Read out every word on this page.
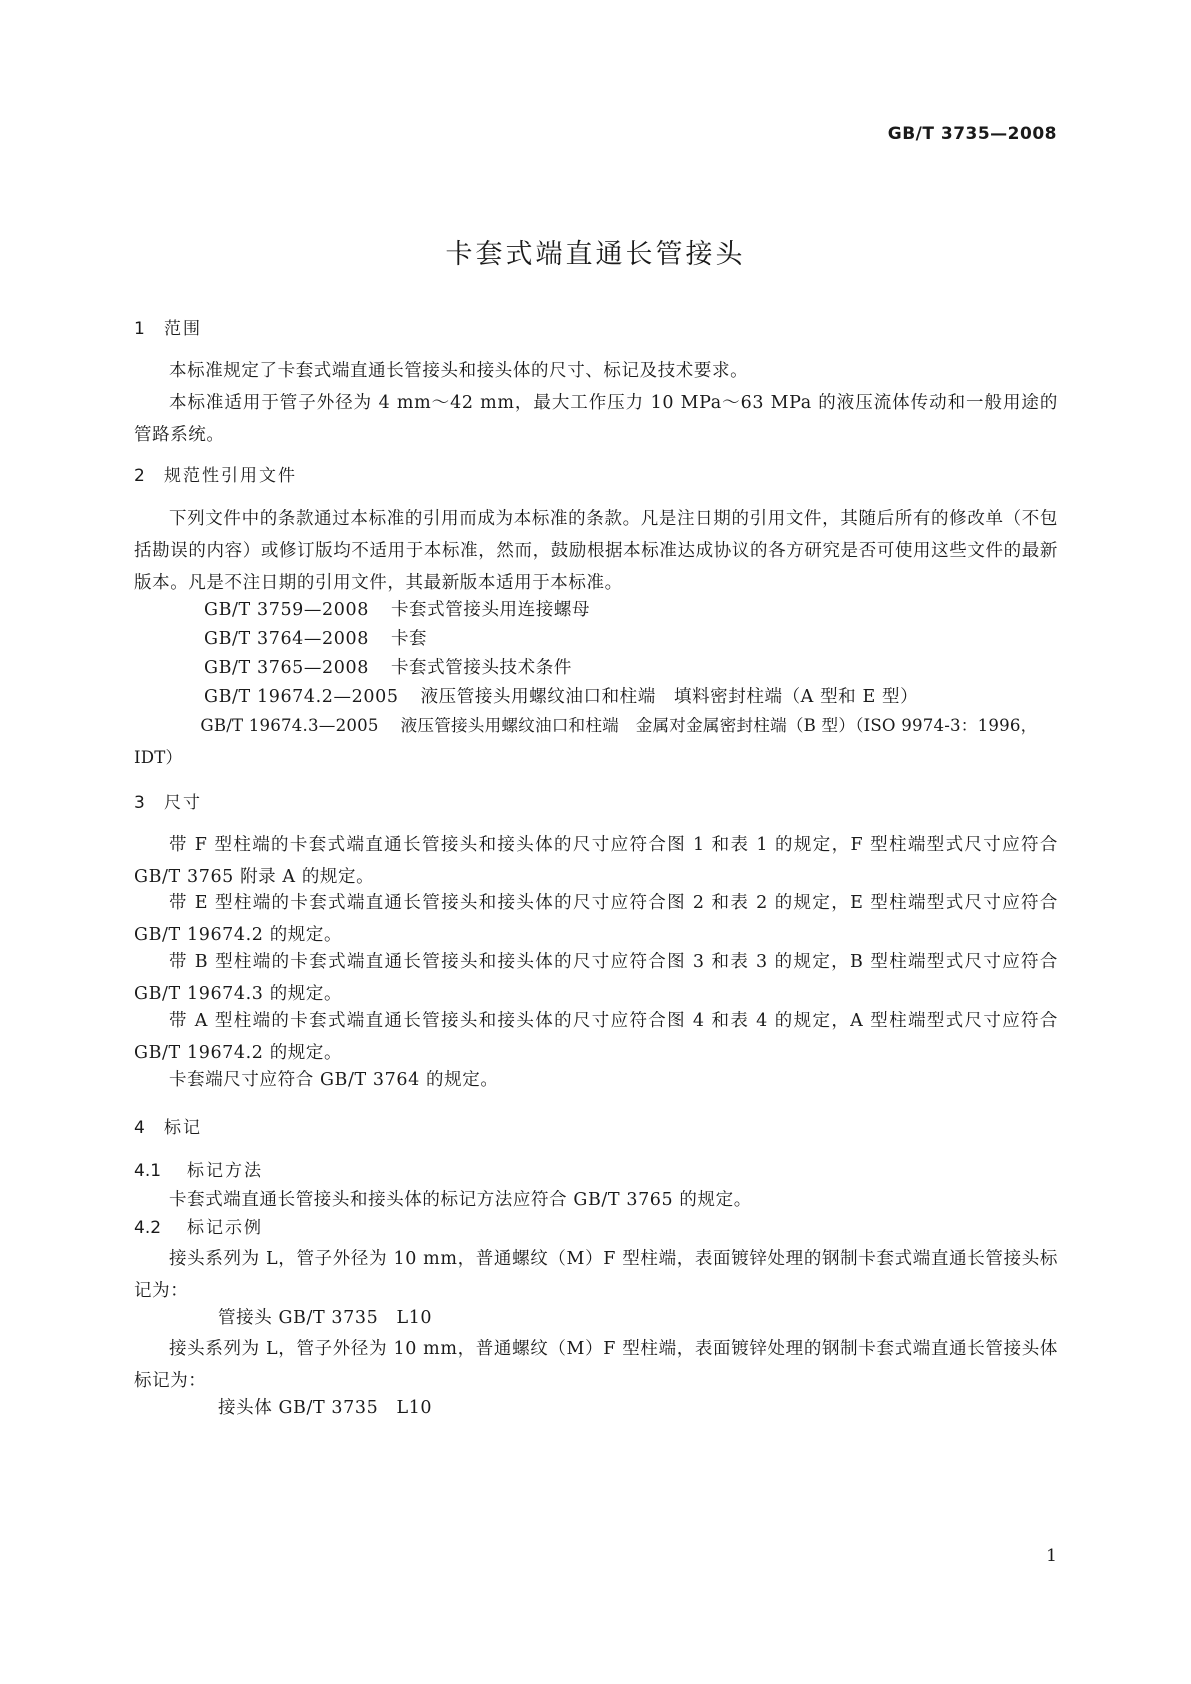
GB/T 3735—2008
卡套式端直通长管接头
1 范围
本标准规定了卡套式端直通长管接头和接头体的尺寸、标记及技术要求。
本标准适用于管子外径为 4 mm～42 mm，最大工作压力 10 MPa～63 MPa 的液压流体传动和一般用途的管路系统。
2 规范性引用文件
下列文件中的条款通过本标准的引用而成为本标准的条款。凡是注日期的引用文件，其随后所有的修改单（不包括勘误的内容）或修订版均不适用于本标准，然而，鼓励根据本标准达成协议的各方研究是否可使用这些文件的最新版本。凡是不注日期的引用文件，其最新版本适用于本标准。
GB/T 3759—2008 卡套式管接头用连接螺母
GB/T 3764—2008 卡套
GB/T 3765—2008 卡套式管接头技术条件
GB/T 19674.2—2005 液压管接头用螺纹油口和柱端　填料密封柱端（A 型和 E 型）
GB/T 19674.3—2005 液压管接头用螺纹油口和柱端　金属对金属密封柱端（B 型）（ISO 9974-3：1996，IDT）
3 尺寸
带 F 型柱端的卡套式端直通长管接头和接头体的尺寸应符合图 1 和表 1 的规定，F 型柱端型式尺寸应符合 GB/T 3765 附录 A 的规定。
带 E 型柱端的卡套式端直通长管接头和接头体的尺寸应符合图 2 和表 2 的规定，E 型柱端型式尺寸应符合 GB/T 19674.2 的规定。
带 B 型柱端的卡套式端直通长管接头和接头体的尺寸应符合图 3 和表 3 的规定，B 型柱端型式尺寸应符合 GB/T 19674.3 的规定。
带 A 型柱端的卡套式端直通长管接头和接头体的尺寸应符合图 4 和表 4 的规定，A 型柱端型式尺寸应符合 GB/T 19674.2 的规定。
卡套端尺寸应符合 GB/T 3764 的规定。
4 标记
4.1 标记方法
卡套式端直通长管接头和接头体的标记方法应符合 GB/T 3765 的规定。
4.2 标记示例
接头系列为 L，管子外径为 10 mm，普通螺纹（M）F 型柱端，表面镀锌处理的钢制卡套式端直通长管接头标记为：
管接头 GB/T 3735　L10
接头系列为 L，管子外径为 10 mm，普通螺纹（M）F 型柱端，表面镀锌处理的钢制卡套式端直通长管接头体标记为：
接头体 GB/T 3735　L10
1
